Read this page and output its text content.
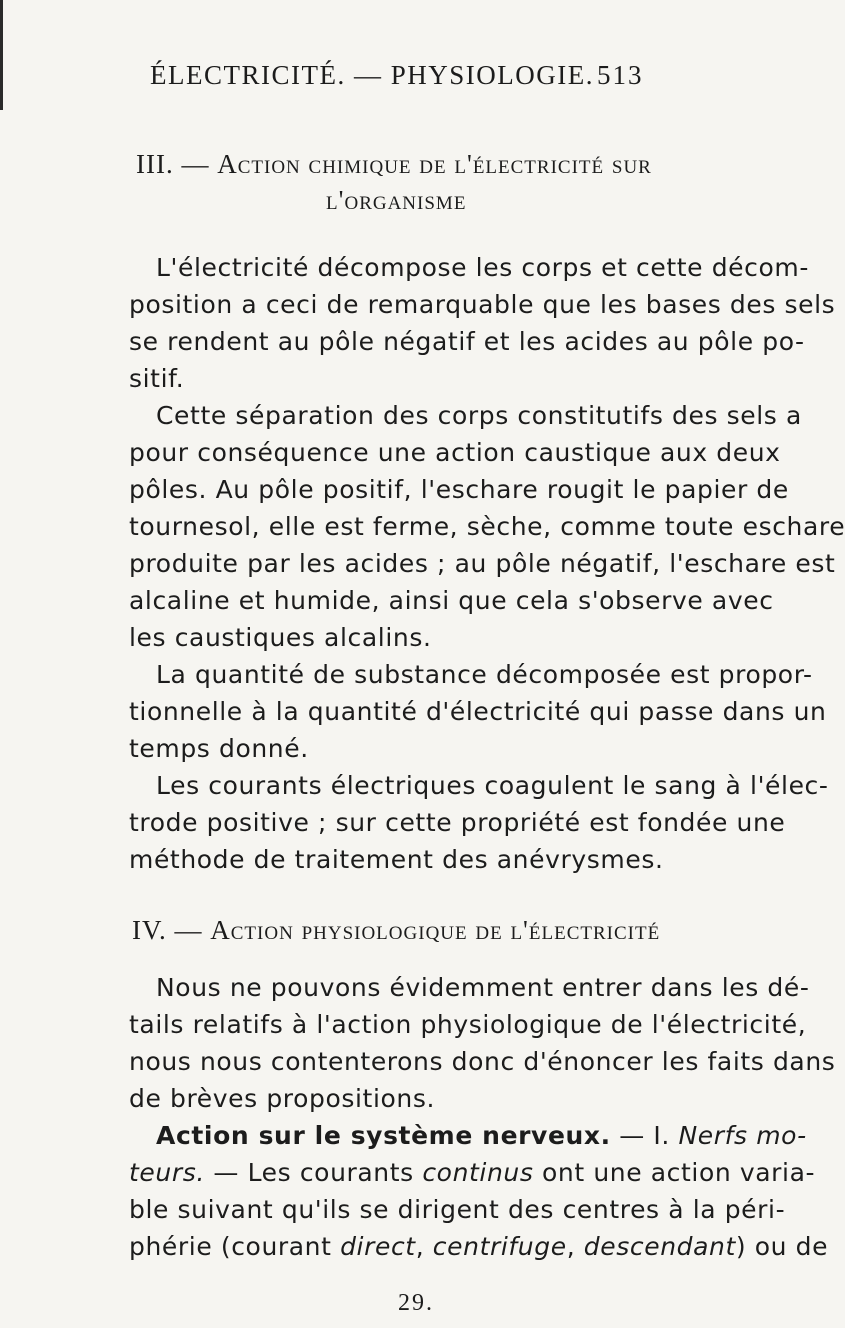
ÉLECTRICITÉ. — PHYSIOLOGIE. 513
III. — Action chimique de l'électricité sur
l'organisme
L'électricité décompose les corps et cette décom-
position a ceci de remarquable que les bases des sels
se rendent au pôle négatif et les acides au pôle po-
sitif.
Cette séparation des corps constitutifs des sels a
pour conséquence une action caustique aux deux
pôles. Au pôle positif, l'eschare rougit le papier de
tournesol, elle est ferme, sèche, comme toute eschare
produite par les acides ; au pôle négatif, l'eschare est
alcaline et humide, ainsi que cela s'observe avec
les caustiques alcalins.
La quantité de substance décomposée est propor-
tionnelle à la quantité d'électricité qui passe dans un
temps donné.
Les courants électriques coagulent le sang à l'élec-
trode positive ; sur cette propriété est fondée une
méthode de traitement des anévrysmes.
IV. — Action physiologique de l'électricité
Nous ne pouvons évidemment entrer dans les dé-
tails relatifs à l'action physiologique de l'électricité,
nous nous contenterons donc d'énoncer les faits dans
de brèves propositions.
Action sur le système nerveux. — I. Nerfs mo-
teurs. — Les courants continus ont une action varia-
ble suivant qu'ils se dirigent des centres à la péri-
phérie (courant direct, centrifuge, descendant) ou de
29.
